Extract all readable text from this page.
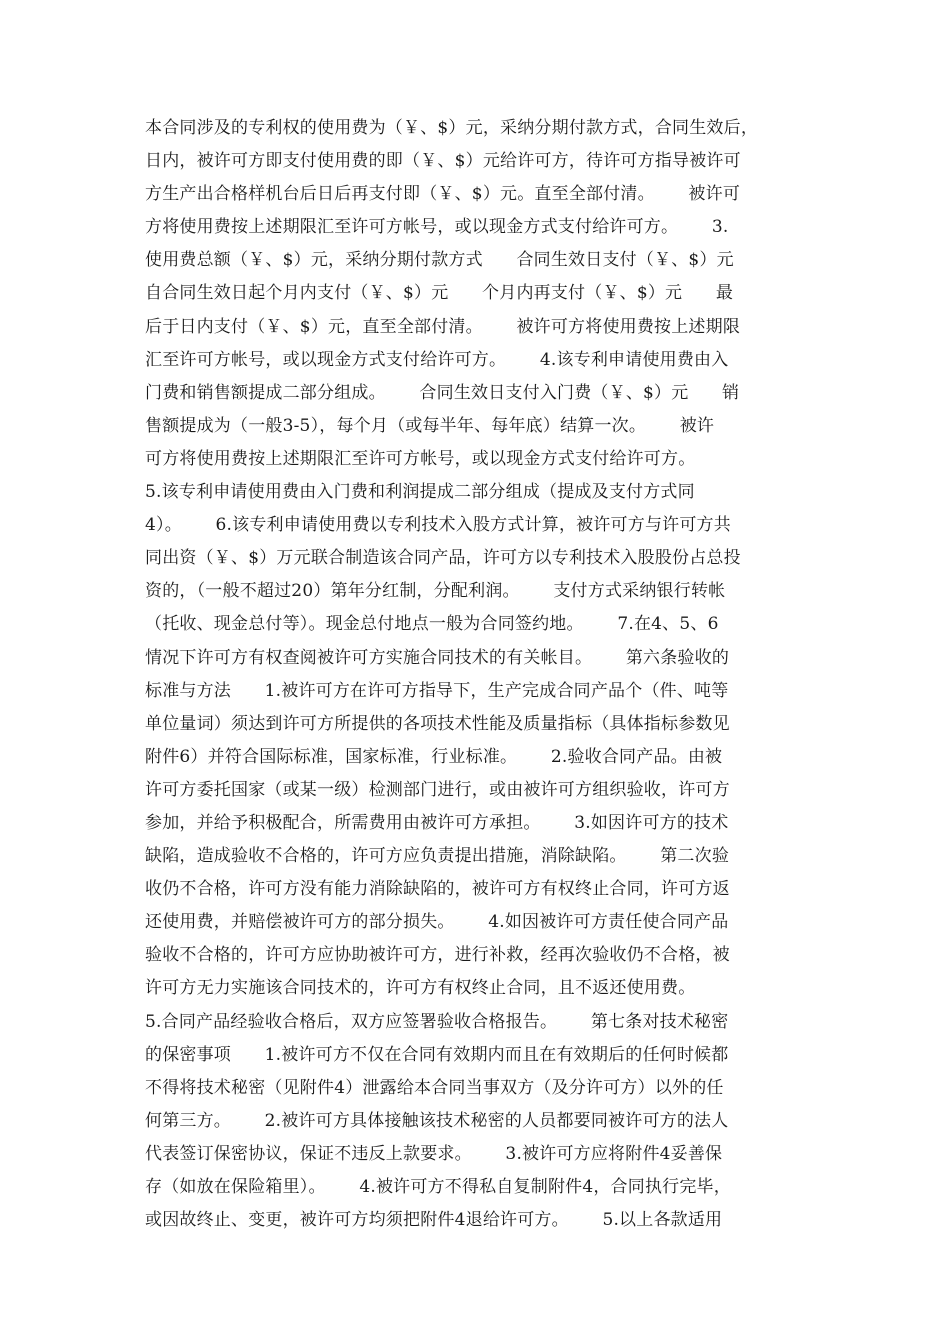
本合同涉及的专利权的使用费为（￥、$）元，采纳分期付款方式，合同生效后，
日内，被许可方即支付使用费的即（￥、$）元给许可方，待许可方指导被许可
方生产出合格样机台后日后再支付即（￥、$）元。直至全部付清。      被许可
方将使用费按上述期限汇至许可方帐号，或以现金方式支付给许可方。      3.
使用费总额（￥、$）元，采纳分期付款方式      合同生效日支付（￥、$）元
自合同生效日起个月内支付（￥、$）元      个月内再支付（￥、$）元      最
后于日内支付（￥、$）元，直至全部付清。      被许可方将使用费按上述期限
汇至许可方帐号，或以现金方式支付给许可方。      4.该专利申请使用费由入
门费和销售额提成二部分组成。      合同生效日支付入门费（￥、$）元      销
售额提成为（一般3-5），每个月（或每半年、每年底）结算一次。      被许
可方将使用费按上述期限汇至许可方帐号，或以现金方式支付给许可方。
5.该专利申请使用费由入门费和利润提成二部分组成（提成及支付方式同
4）。      6.该专利申请使用费以专利技术入股方式计算，被许可方与许可方共
同出资（￥、$）万元联合制造该合同产品，许可方以专利技术入股股份占总投
资的，（一般不超过20）第年分红制，分配利润。      支付方式采纳银行转帐
（托收、现金总付等）。现金总付地点一般为合同签约地。      7.在4、5、6
情况下许可方有权查阅被许可方实施合同技术的有关帐目。      第六条验收的
标准与方法      1.被许可方在许可方指导下，生产完成合同产品个（件、吨等
单位量词）须达到许可方所提供的各项技术性能及质量指标（具体指标参数见
附件6）并符合国际标准，国家标准，行业标准。      2.验收合同产品。由被
许可方委托国家（或某一级）检测部门进行，或由被许可方组织验收，许可方
参加，并给予积极配合，所需费用由被许可方承担。      3.如因许可方的技术
缺陷，造成验收不合格的，许可方应负责提出措施，消除缺陷。      第二次验
收仍不合格，许可方没有能力消除缺陷的，被许可方有权终止合同，许可方返
还使用费，并赔偿被许可方的部分损失。      4.如因被许可方责任使合同产品
验收不合格的，许可方应协助被许可方，进行补救，经再次验收仍不合格，被
许可方无力实施该合同技术的，许可方有权终止合同，且不返还使用费。
5.合同产品经验收合格后，双方应签署验收合格报告。      第七条对技术秘密
的保密事项      1.被许可方不仅在合同有效期内而且在有效期后的任何时候都
不得将技术秘密（见附件4）泄露给本合同当事双方（及分许可方）以外的任
何第三方。      2.被许可方具体接触该技术秘密的人员都要同被许可方的法人
代表签订保密协议，保证不违反上款要求。      3.被许可方应将附件4妥善保
存（如放在保险箱里）。      4.被许可方不得私自复制附件4，合同执行完毕，
或因故终止、变更，被许可方均须把附件4退给许可方。      5.以上各款适用
